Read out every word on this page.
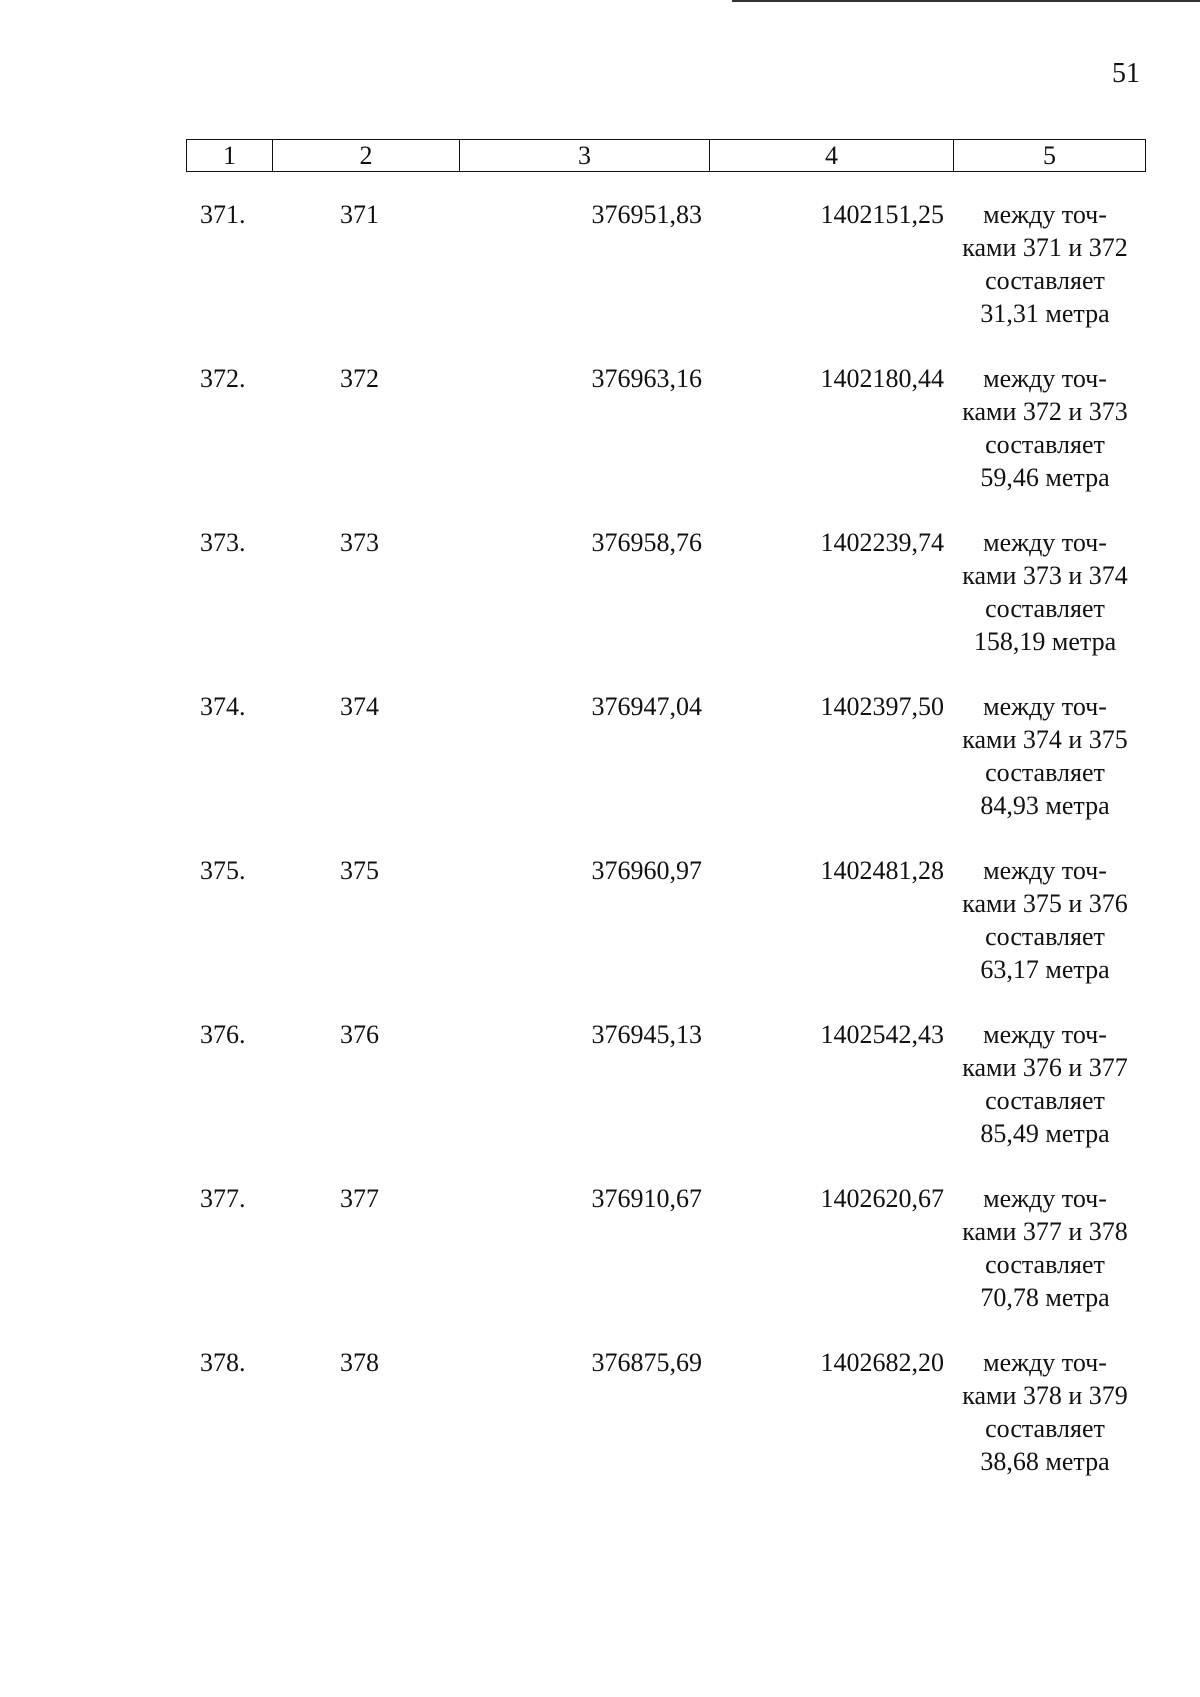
51
1	2	3	4	5
371.	371	376951,83	1402151,25	между точ-
ками 371 и 372
составляет
31,31 метра
372.	372	376963,16	1402180,44	между точ-
ками 372 и 373
составляет
59,46 метра
373.	373	376958,76	1402239,74	между точ-
ками 373 и 374
составляет
158,19 метра
374.	374	376947,04	1402397,50	между точ-
ками 374 и 375
составляет
84,93 метра
375.	375	376960,97	1402481,28	между точ-
ками 375 и 376
составляет
63,17 метра
376.	376	376945,13	1402542,43	между точ-
ками 376 и 377
составляет
85,49 метра
377.	377	376910,67	1402620,67	между точ-
ками 377 и 378
составляет
70,78 метра
378.	378	376875,69	1402682,20	между точ-
ками 378 и 379
составляет
38,68 метра
